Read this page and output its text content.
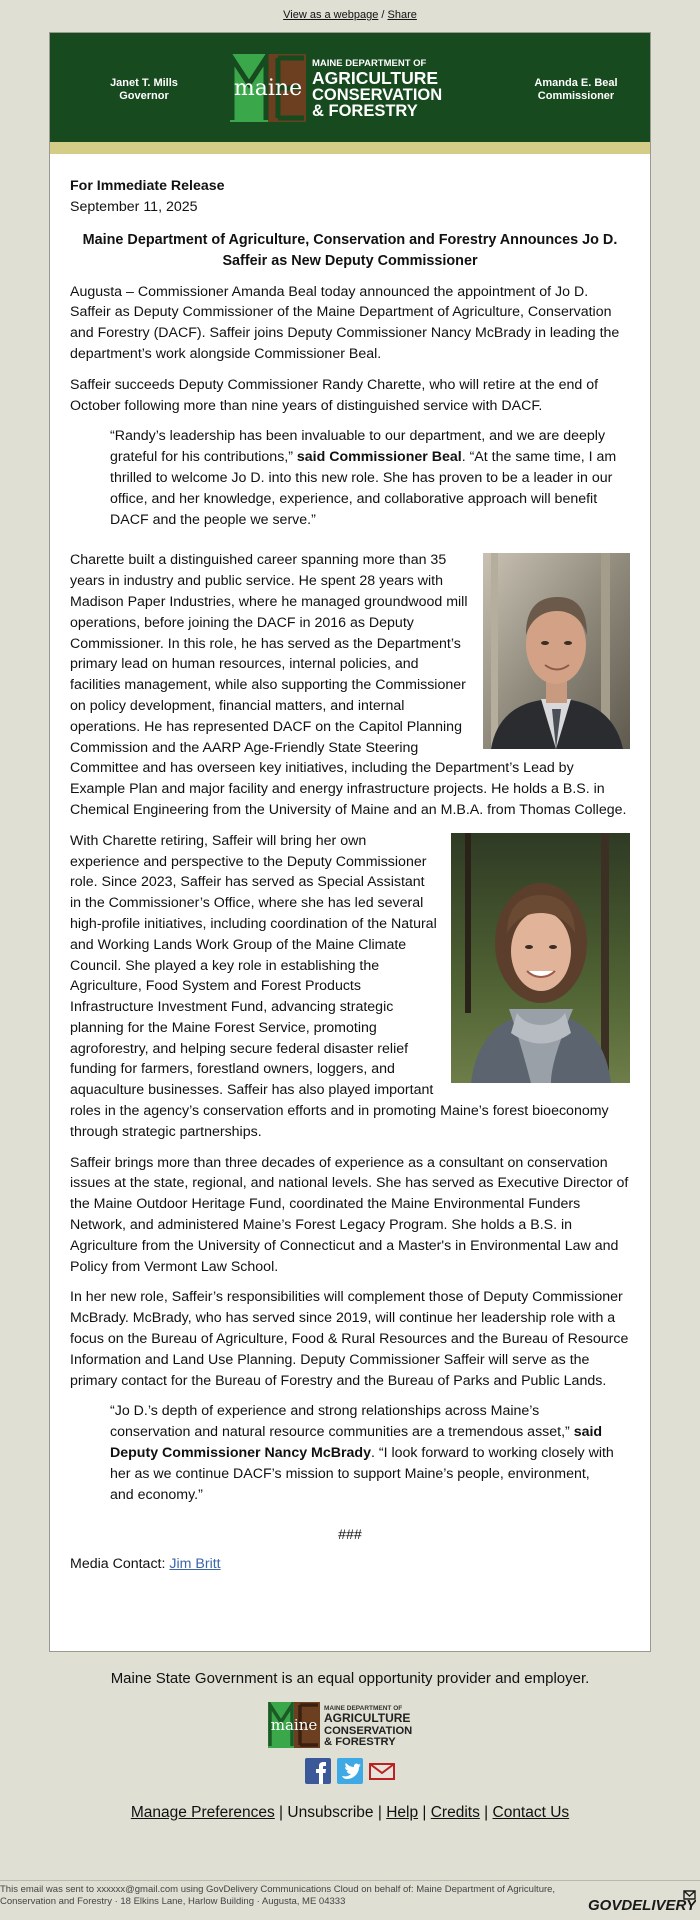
View as a webpage / Share
Janet T. Mills
Governor	maine
MAINE DEPARTMENT OF
AGRICULTURE
CONSERVATION
& FORESTRY
Amanda E. Beal
Commissioner
For Immediate Release
September 11, 2025

Maine Department of Agriculture, Conservation and Forestry Announces Jo D. Saffeir as New Deputy Commissioner

Augusta – Commissioner Amanda Beal today announced the appointment of Jo D. Saffeir as Deputy Commissioner of the Maine Department of Agriculture, Conservation and Forestry (DACF). Saffeir joins Deputy Commissioner Nancy McBrady in leading the department’s work alongside Commissioner Beal.

Saffeir succeeds Deputy Commissioner Randy Charette, who will retire at the end of October following more than nine years of distinguished service with DACF.

“Randy’s leadership has been invaluable to our department, and we are deeply grateful for his contributions,” said Commissioner Beal. “At the same time, I am thrilled to welcome Jo D. into this new role. She has proven to be a leader in our office, and her knowledge, experience, and collaborative approach will benefit DACF and the people we serve.”

Charette built a distinguished career spanning more than 35 years in industry and public service. He spent 28 years with Madison Paper Industries, where he managed groundwood mill operations, before joining the DACF in 2016 as Deputy Commissioner. In this role, he has served as the Department’s primary lead on human resources, internal policies, and facilities management, while also supporting the Commissioner on policy development, financial matters, and internal operations. He has represented DACF on the Capitol Planning Commission and the AARP Age-Friendly State Steering Committee and has overseen key initiatives, including the Department’s Lead by Example Plan and major facility and energy infrastructure projects. He holds a B.S. in Chemical Engineering from the University of Maine and an M.B.A. from Thomas College.

With Charette retiring, Saffeir will bring her own experience and perspective to the Deputy Commissioner role. Since 2023, Saffeir has served as Special Assistant in the Commissioner’s Office, where she has led several high-profile initiatives, including coordination of the Natural and Working Lands Work Group of the Maine Climate Council. She played a key role in establishing the Agriculture, Food System and Forest Products Infrastructure Investment Fund, advancing strategic planning for the Maine Forest Service, promoting agroforestry, and helping secure federal disaster relief funding for farmers, forestland owners, loggers, and aquaculture businesses. Saffeir has also played important roles in the agency’s conservation efforts and in promoting Maine’s forest bioeconomy through strategic partnerships.

Saffeir brings more than three decades of experience as a consultant on conservation issues at the state, regional, and national levels. She has served as Executive Director of the Maine Outdoor Heritage Fund, coordinated the Maine Environmental Funders Network, and administered Maine’s Forest Legacy Program. She holds a B.S. in Agriculture from the University of Connecticut and a Master's in Environmental Law and Policy from Vermont Law School.

In her new role, Saffeir’s responsibilities will complement those of Deputy Commissioner McBrady. McBrady, who has served since 2019, will continue her leadership role with a focus on the Bureau of Agriculture, Food & Rural Resources and the Bureau of Resource Information and Land Use Planning. Deputy Commissioner Saffeir will serve as the primary contact for the Bureau of Forestry and the Bureau of Parks and Public Lands.

“Jo D.’s depth of experience and strong relationships across Maine’s conservation and natural resource communities are a tremendous asset,” said Deputy Commissioner Nancy McBrady. “I look forward to working closely with her as we continue DACF’s mission to support Maine’s people, environment, and economy.”

###

Media Contact: Jim Britt

Maine State Government is an equal opportunity provider and employer.
maine
MAINE DEPARTMENT OF
AGRICULTURE
CONSERVATION
& FORESTRY

Manage Preferences | Unsubscribe | Help | Credits | Contact Us
This email was sent to xxxxxx@gmail.com using GovDelivery Communications Cloud on behalf of: Maine Department of Agriculture,
Conservation and Forestry · 18 Elkins Lane, Harlow Building · Augusta, ME 04333	GOVDELIVERY
